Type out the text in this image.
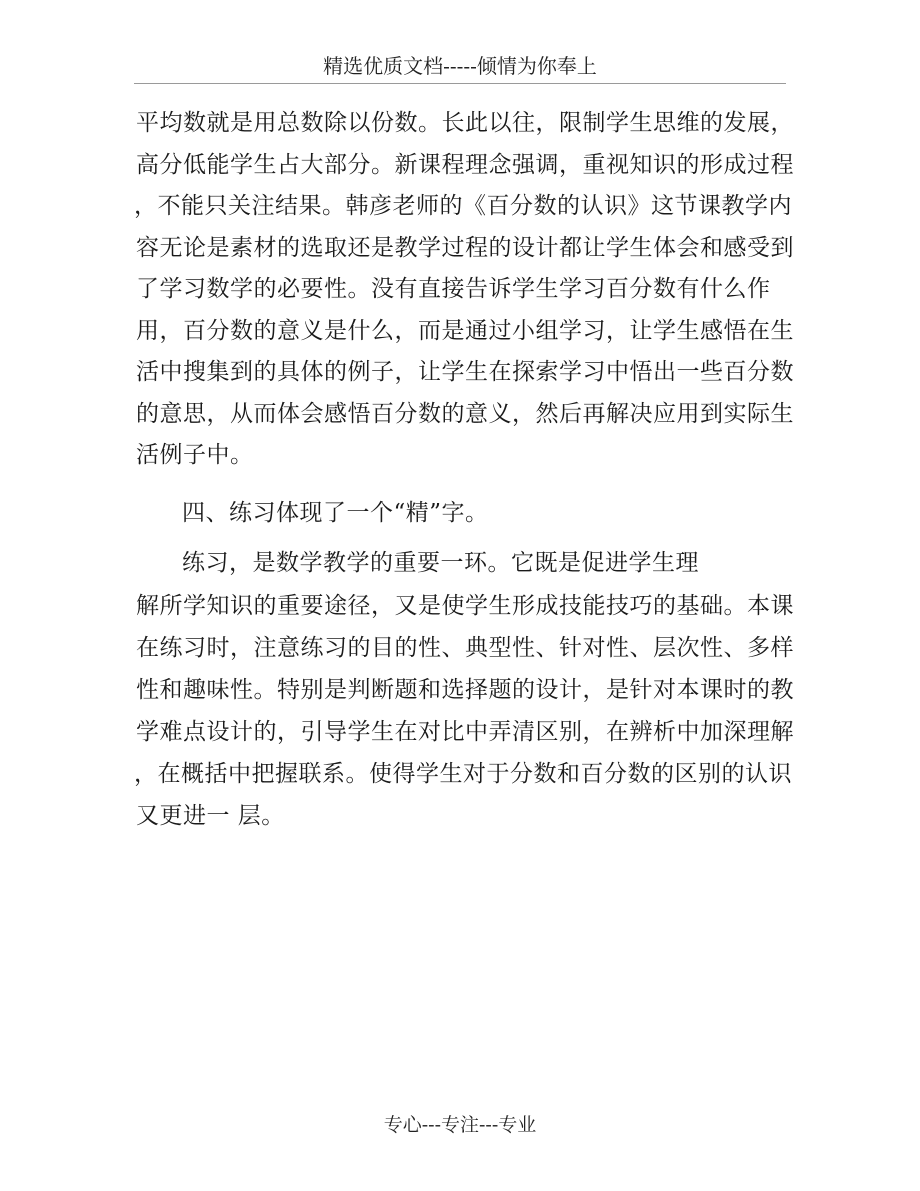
精选优质文档-----倾情为你奉上
平均数就是用总数除以份数。长此以往，限制学生思维的发展，
高分低能学生占大部分。新课程理念强调，重视知识的形成过程
，不能只关注结果。韩彦老师的《百分数的认识》这节课教学内
容无论是素材的选取还是教学过程的设计都让学生体会和感受到
了学习数学的必要性。没有直接告诉学生学习百分数有什么作
用，百分数的意义是什么，而是通过小组学习，让学生感悟在生
活中搜集到的具体的例子，让学生在探索学习中悟出一些百分数
的意思，从而体会感悟百分数的意义，然后再解决应用到实际生
活例子中。
四、练习体现了一个“精”字。
练习，是数学教学的重要一环。它既是促进学生理
解所学知识的重要途径，又是使学生形成技能技巧的基础。本课
在练习时，注意练习的目的性、典型性、针对性、层次性、多样
性和趣味性。特别是判断题和选择题的设计，是针对本课时的教
学难点设计的，引导学生在对比中弄清区别，在辨析中加深理解
，在概括中把握联系。使得学生对于分数和百分数的区别的认识
又更进一 层。
专心---专注---专业
